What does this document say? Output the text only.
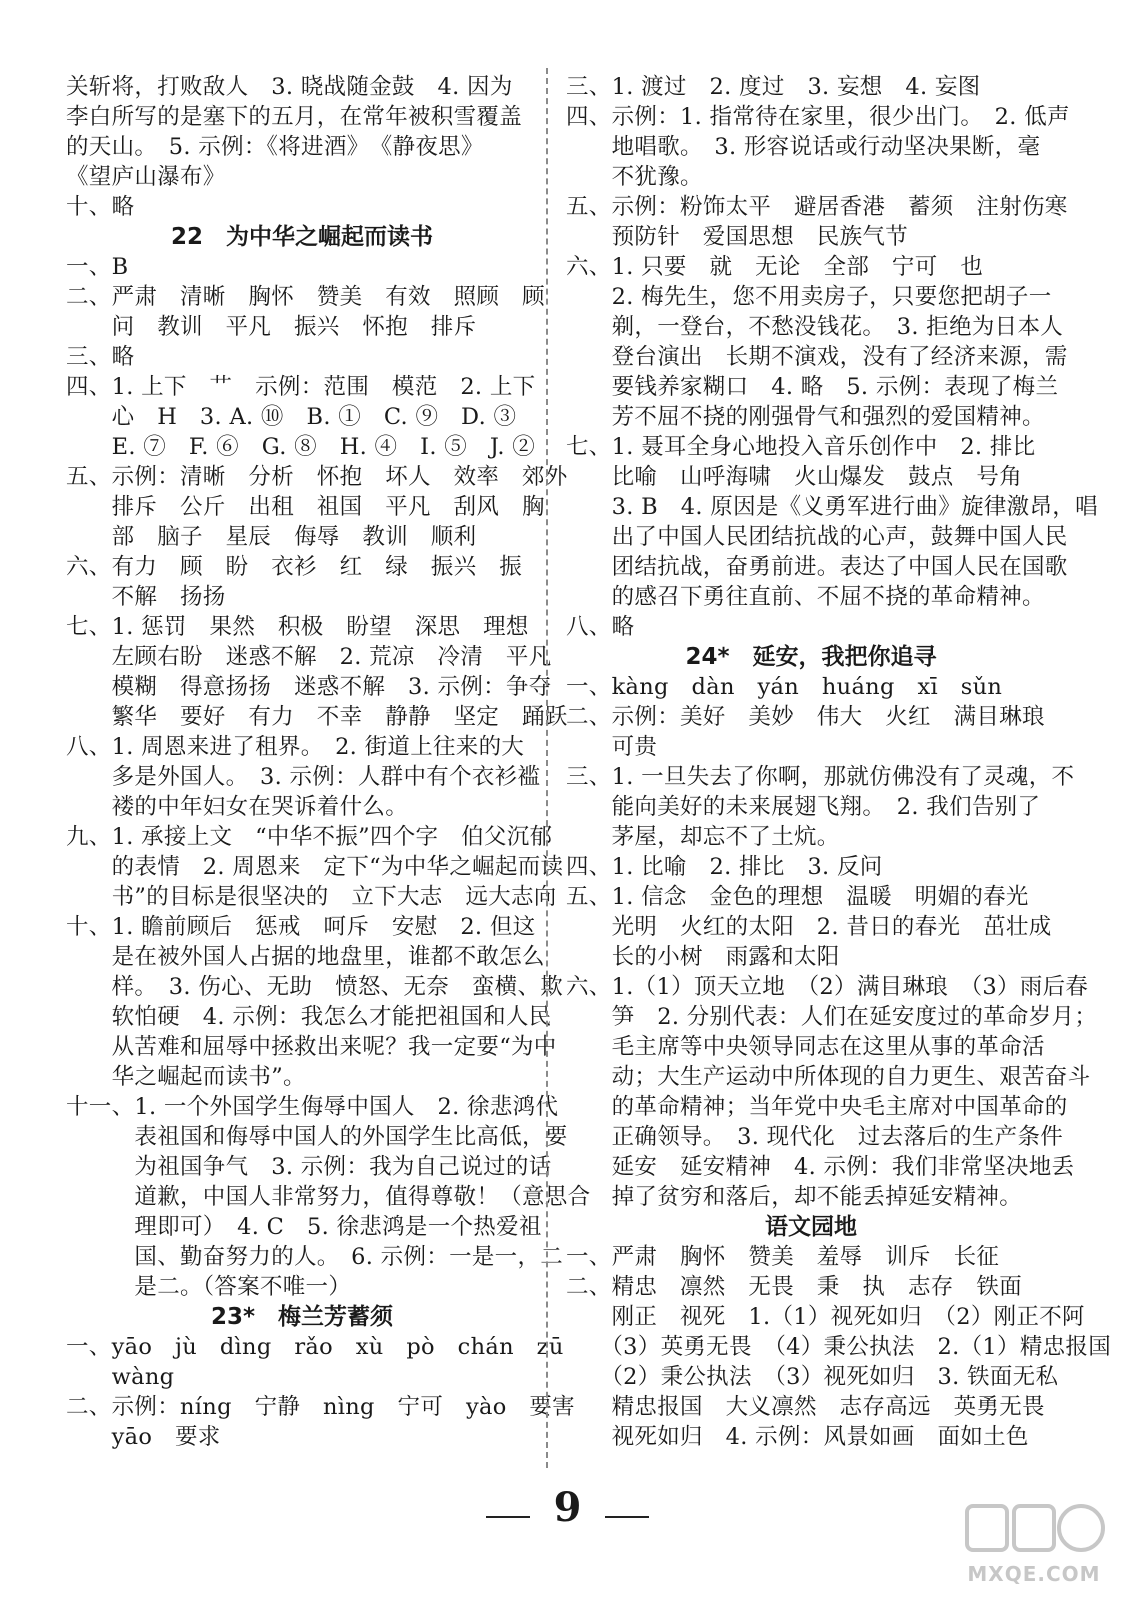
关斩将，打败敌人　3. 晓战随金鼓　4. 因为
李白所写的是塞下的五月，在常年被积雪覆盖
的天山。　5. 示例：《将进酒》　《静夜思》
《望庐山瀑布》
十、略
22　为中华之崛起而读书
一、B
二、严肃　清晰　胸怀　赞美　有效　照顾　顾
　　问　教训　平凡　振兴　怀抱　排斥
三、略
四、1. 上下　艹　示例：范围　模范　2. 上下
　　心　H　3. A. ⑩　B. ①　C. ⑨　D. ③
　　E. ⑦　F. ⑥　G. ⑧　H. ④　I. ⑤　J. ②
五、示例：清晰　分析　怀抱　坏人　效率　郊外
　　排斥　公斤　出租　祖国　平凡　刮风　胸
　　部　脑子　星辰　侮辱　教训　顺利
六、有力　顾　盼　衣衫　红　绿　振兴　振
　　不解　扬扬
七、1. 惩罚　果然　积极　盼望　深思　理想
　　左顾右盼　迷惑不解　2. 荒凉　冷清　平凡
　　模糊　得意扬扬　迷惑不解　3. 示例：争夺
　　繁华　要好　有力　不幸　静静　坚定　踊跃
八、1. 周恩来进了租界。　2. 街道上往来的大
　　多是外国人。　3. 示例：人群中有个衣衫褴
　　褛的中年妇女在哭诉着什么。
九、1. 承接上文　“中华不振”四个字　伯父沉郁
　　的表情　2. 周恩来　定下“为中华之崛起而读
　　书”的目标是很坚决的　立下大志　远大志向
十、1. 瞻前顾后　惩戒　呵斥　安慰　2. 但这
　　是在被外国人占据的地盘里，谁都不敢怎么
　　样。　3. 伤心、无助　愤怒、无奈　蛮横、欺
　　软怕硬　4. 示例：我怎么才能把祖国和人民
　　从苦难和屈辱中拯救出来呢？我一定要“为中
　　华之崛起而读书”。
十一、1. 一个外国学生侮辱中国人　2. 徐悲鸿代
　　　表祖国和侮辱中国人的外国学生比高低，要
　　　为祖国争气　3. 示例：我为自己说过的话
　　　道歉，中国人非常努力，值得尊敬！（意思合
　　　理即可）　4. C　5. 徐悲鸿是一个热爱祖
　　　国、勤奋努力的人。　6. 示例：一是一，二
　　　是二。（答案不唯一）
23*　梅兰芳蓄须
一、yāo　jù　dìng　rǎo　xù　pò　chán　zū
　　wàng
二、示例：níng　宁静　nìng　宁可　yào　要害
　　yāo　要求
三、1. 渡过　2. 度过　3. 妄想　4. 妄图
四、示例：1. 指常待在家里，很少出门。　2. 低声
　　地唱歌。　3. 形容说话或行动坚决果断，毫
　　不犹豫。
五、示例：粉饰太平　避居香港　蓄须　注射伤寒
　　预防针　爱国思想　民族气节
六、1. 只要　就　无论　全部　宁可　也
　　2. 梅先生，您不用卖房子，只要您把胡子一
　　剃，一登台，不愁没钱花。　3. 拒绝为日本人
　　登台演出　长期不演戏，没有了经济来源，需
　　要钱养家糊口　4. 略　5. 示例：表现了梅兰
　　芳不屈不挠的刚强骨气和强烈的爱国精神。
七、1. 聂耳全身心地投入音乐创作中　2. 排比
　　比喻　山呼海啸　火山爆发　鼓点　号角
　　3. B　4. 原因是《义勇军进行曲》旋律激昂，唱
　　出了中国人民团结抗战的心声，鼓舞中国人民
　　团结抗战，奋勇前进。表达了中国人民在国歌
　　的感召下勇往直前、不屈不挠的革命精神。
八、略
24*　延安，我把你追寻
一、kàng　dàn　yán　huáng　xī　sǔn
二、示例：美好　美妙　伟大　火红　满目琳琅
　　可贵
三、1. 一旦失去了你啊，那就仿佛没有了灵魂，不
　　能向美好的未来展翅飞翔。　2. 我们告别了
　　茅屋，却忘不了土炕。
四、1. 比喻　2. 排比　3. 反问
五、1. 信念　金色的理想　温暖　明媚的春光
　　光明　火红的太阳　2. 昔日的春光　茁壮成
　　长的小树　雨露和太阳
六、1.（1）顶天立地　（2）满目琳琅　（3）雨后春
　　笋　2. 分别代表：人们在延安度过的革命岁月；
　　毛主席等中央领导同志在这里从事的革命活
　　动；大生产运动中所体现的自力更生、艰苦奋斗
　　的革命精神；当年党中央毛主席对中国革命的
　　正确领导。　3. 现代化　过去落后的生产条件
　　延安　延安精神　4. 示例：我们非常坚决地丢
　　掉了贫穷和落后，却不能丢掉延安精神。
语文园地
一、严肃　胸怀　赞美　羞辱　训斥　长征
二、精忠　凛然　无畏　秉　执　志存　铁面
　　刚正　视死　1.（1）视死如归　（2）刚正不阿
　　（3）英勇无畏　（4）秉公执法　2.（1）精忠报国
　　（2）秉公执法　（3）视死如归　3. 铁面无私
　　精忠报国　大义凛然　志存高远　英勇无畏
　　视死如归　4. 示例：风景如画　面如土色
9
MXQE.COM
